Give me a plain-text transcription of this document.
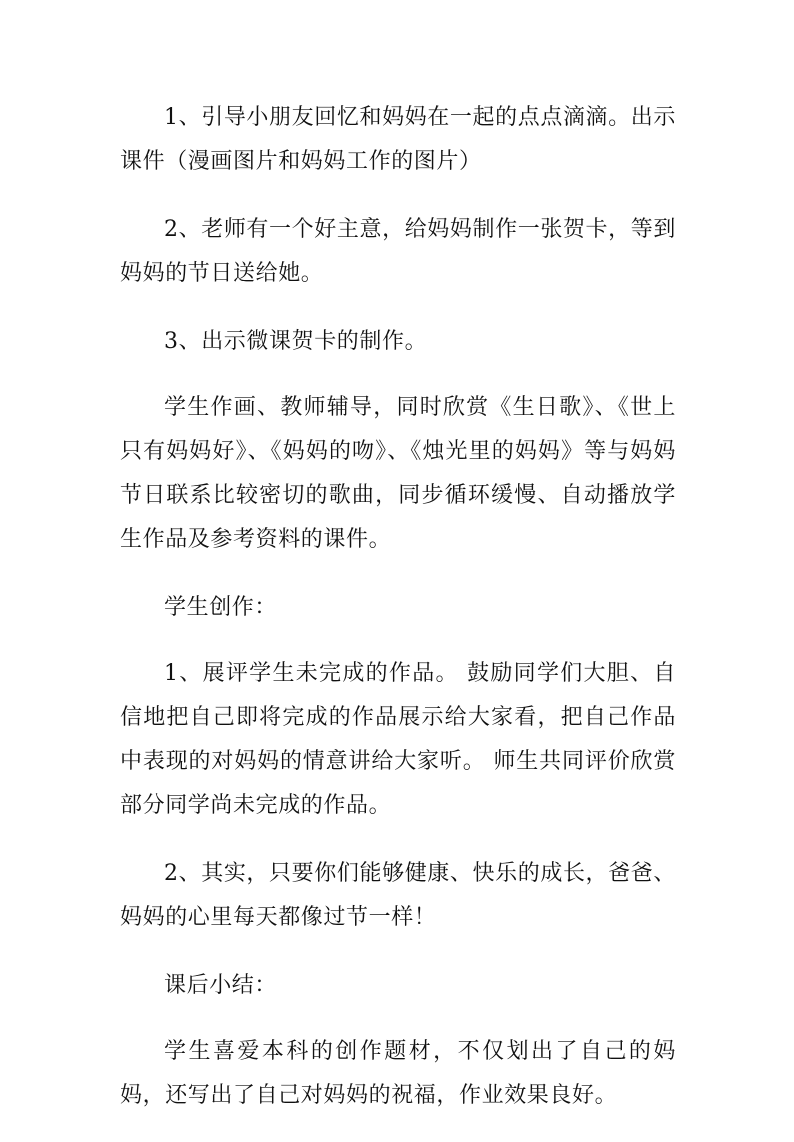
1、引导小朋友回忆和妈妈在一起的点点滴滴。出示课件（漫画图片和妈妈工作的图片）

2、老师有一个好主意，给妈妈制作一张贺卡，等到妈妈的节日送给她。

3、出示微课贺卡的制作。

学生作画、教师辅导，同时欣赏《生日歌》、《世上只有妈妈好》、《妈妈的吻》、《烛光里的妈妈》等与妈妈节日联系比较密切的歌曲，同步循环缓慢、自动播放学生作品及参考资料的课件。

学生创作：

1、展评学生未完成的作品。 鼓励同学们大胆、自信地把自己即将完成的作品展示给大家看，把自己作品中表现的对妈妈的情意讲给大家听。 师生共同评价欣赏部分同学尚未完成的作品。

2、其实，只要你们能够健康、快乐的成长，爸爸、妈妈的心里每天都像过节一样！

课后小结：

学生喜爱本科的创作题材，不仅划出了自己的妈妈，还写出了自己对妈妈的祝福，作业效果良好。
